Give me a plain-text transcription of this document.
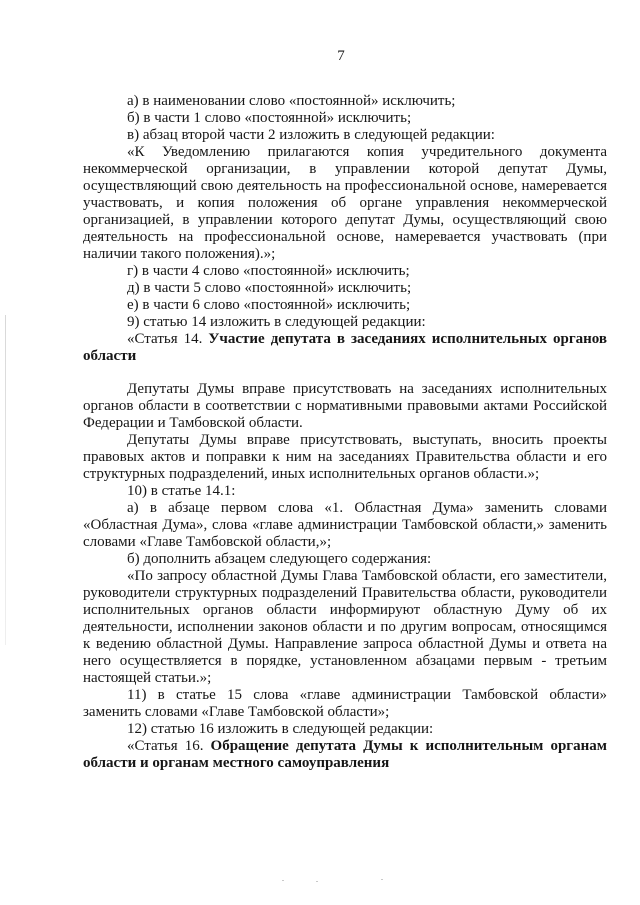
7

а) в наименовании слово «постоянной» исключить;

б) в части 1 слово «постоянной» исключить;

в) абзац второй части 2 изложить в следующей редакции:

«К Уведомлению прилагаются копия учредительного документа некоммерческой организации, в управлении которой депутат Думы, осуществляющий свою деятельность на профессиональной основе, намеревается участвовать, и копия положения об органе управления некоммерческой организацией, в управлении которого депутат Думы, осуществляющий свою деятельность на профессиональной основе, намеревается участвовать (при наличии такого положения).»;

г) в части 4 слово «постоянной» исключить;

д) в части 5 слово «постоянной» исключить;

е) в части 6 слово «постоянной» исключить;

9) статью 14 изложить в следующей редакции:

«Статья 14. Участие депутата в заседаниях исполнительных органов области

Депутаты Думы вправе присутствовать на заседаниях исполнительных органов области в соответствии с нормативными правовыми актами Российской Федерации и Тамбовской области.

Депутаты Думы вправе присутствовать, выступать, вносить проекты правовых актов и поправки к ним на заседаниях Правительства области и его структурных подразделений, иных исполнительных органов области.»;

10) в статье 14.1:

а) в абзаце первом слова «1. Областная Дума» заменить словами «Областная Дума», слова «главе администрации Тамбовской области,» заменить словами «Главе Тамбовской области,»;

б) дополнить абзацем следующего содержания:

«По запросу областной Думы Глава Тамбовской области, его заместители, руководители структурных подразделений Правительства области, руководители исполнительных органов области информируют областную Думу об их деятельности, исполнении законов области и по другим вопросам, относящимся к ведению областной Думы. Направление запроса областной Думы и ответа на него осуществляется в порядке, установленном абзацами первым - третьим настоящей статьи.»;

11) в статье 15 слова «главе администрации Тамбовской области» заменить словами «Главе Тамбовской области»;

12) статью 16 изложить в следующей редакции:

«Статья 16. Обращение депутата Думы к исполнительным органам области и органам местного самоуправления
